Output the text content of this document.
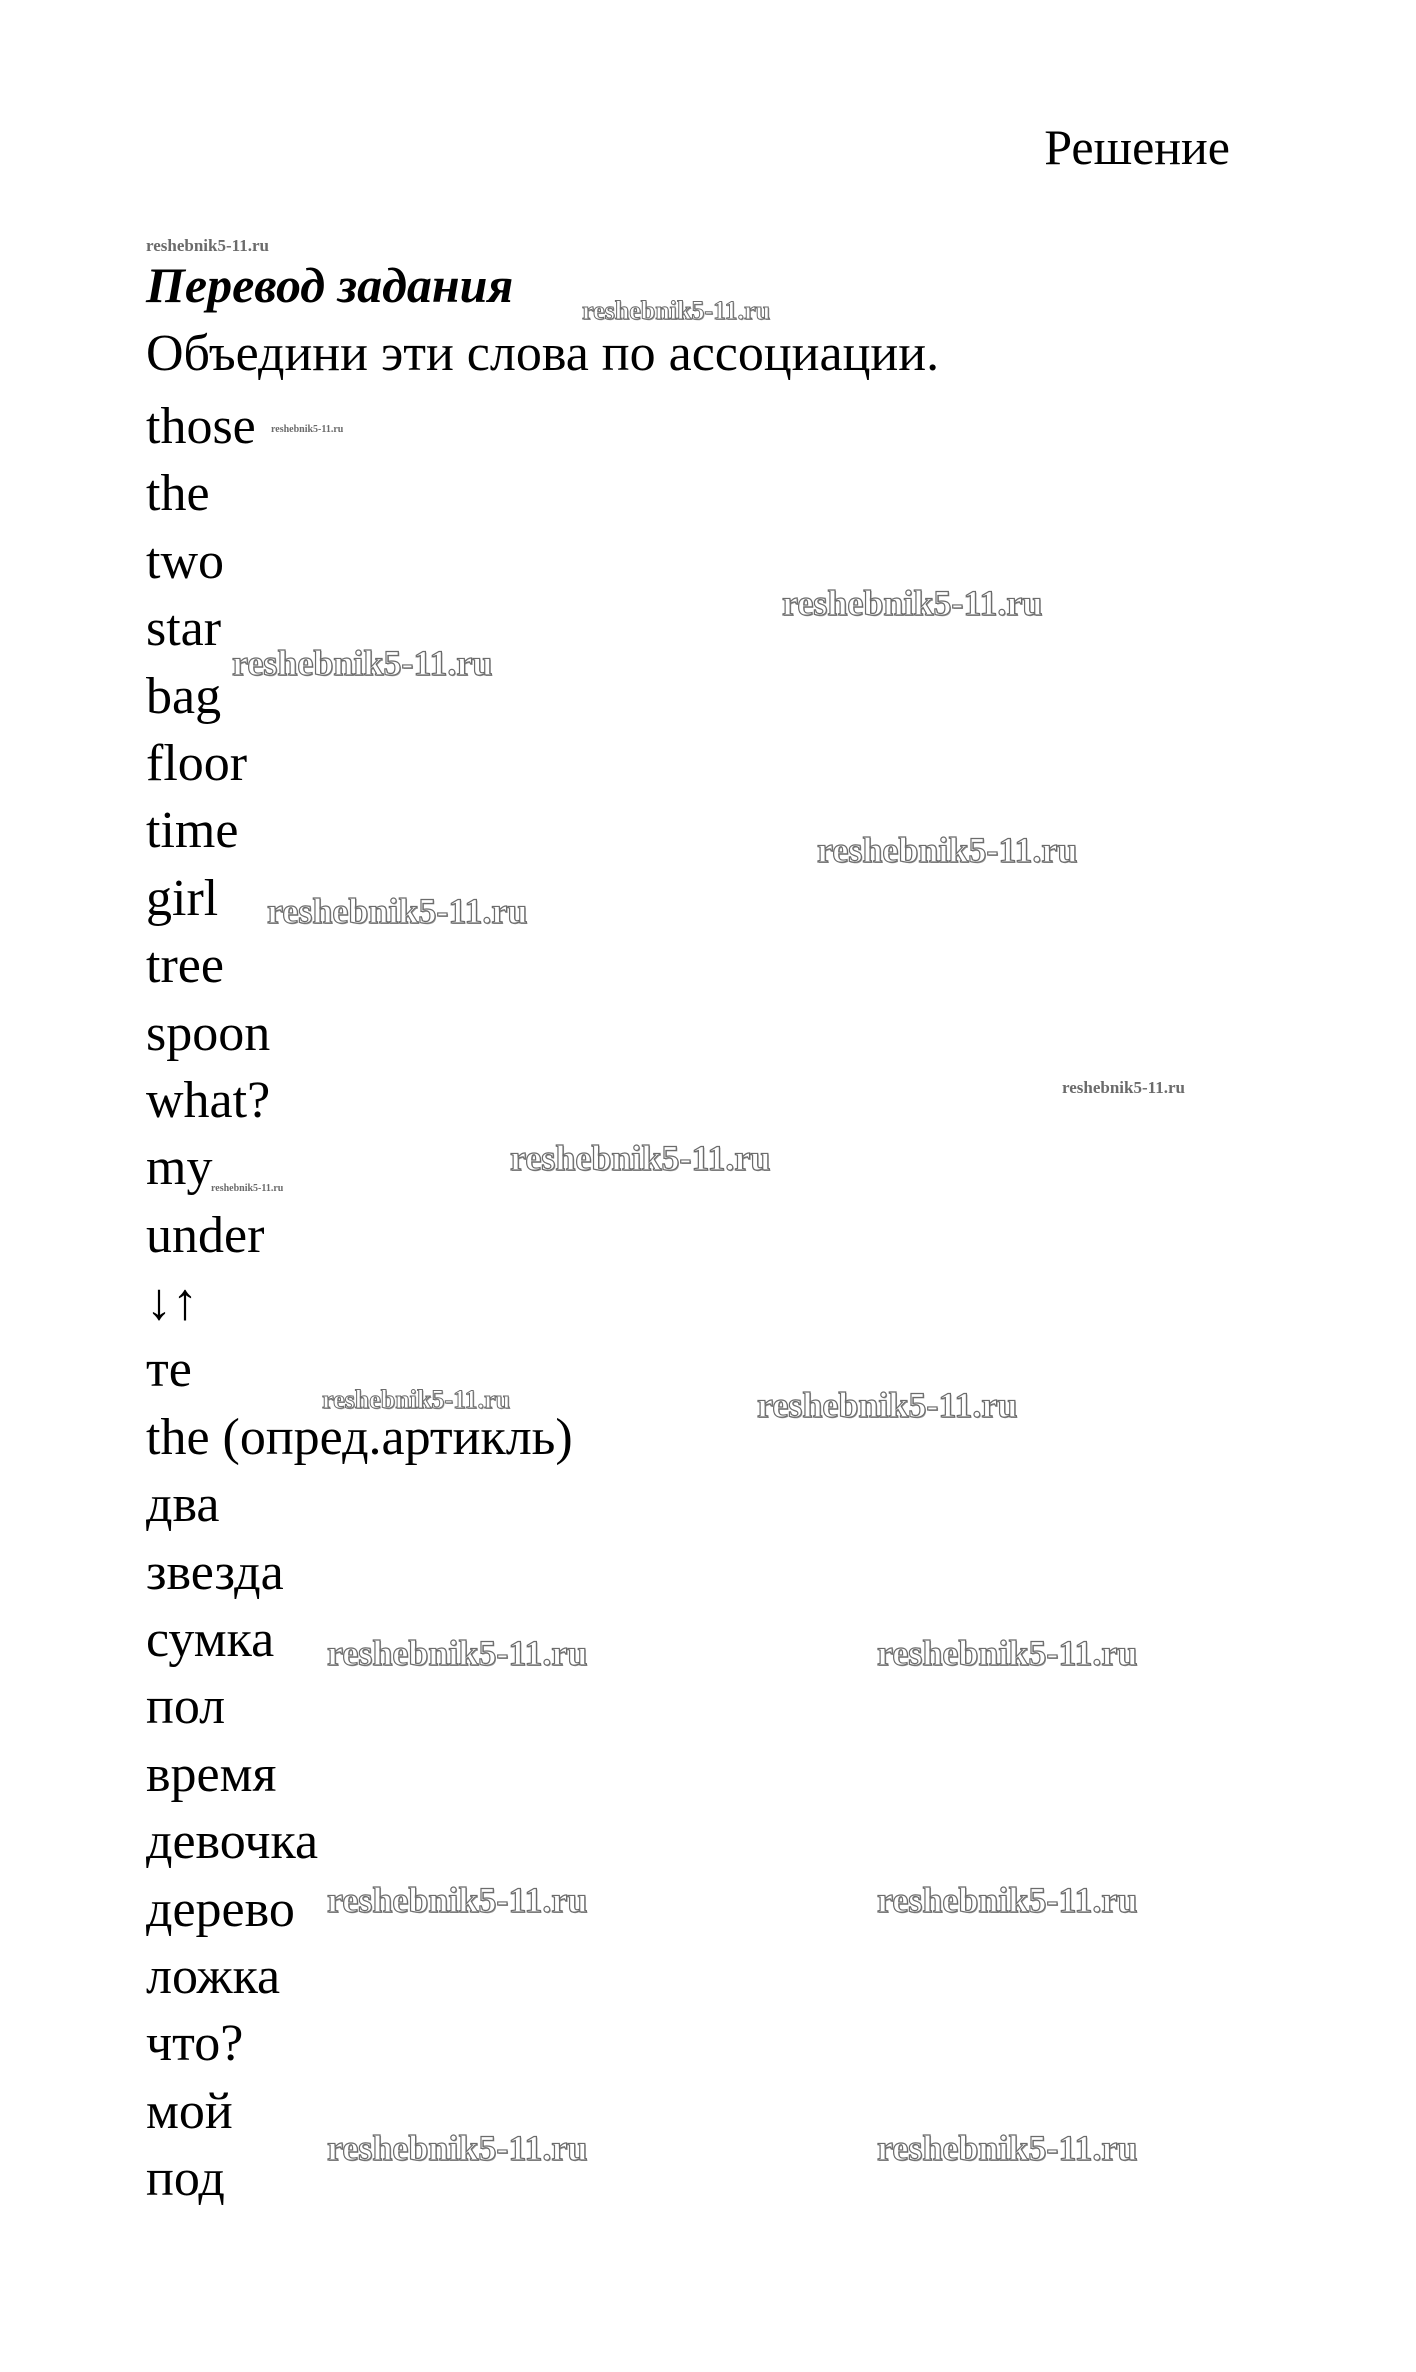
Решение
Перевод задания
Объедини эти слова по ассоциации.
those
the
two
star
bag
floor
time
girl
tree
spoon
what?
my
under
↓↑
те
the (опред.артикль)
два
звезда
сумка
пол
время
девочка
дерево
ложка
что?
мой
под
reshebnik5-11.ru
reshebnik5-11.ru
reshebnik5-11.ru
reshebnik5-11.ru
reshebnik5-11.ru
reshebnik5-11.ru
reshebnik5-11.ru
reshebnik5-11.ru
reshebnik5-11.ru
reshebnik5-11.ru
reshebnik5-11.ru	reshebnik5-11.ru
reshebnik5-11.ru	reshebnik5-11.ru
reshebnik5-11.ru	reshebnik5-11.ru
reshebnik5-11.ru	reshebnik5-11.ru
